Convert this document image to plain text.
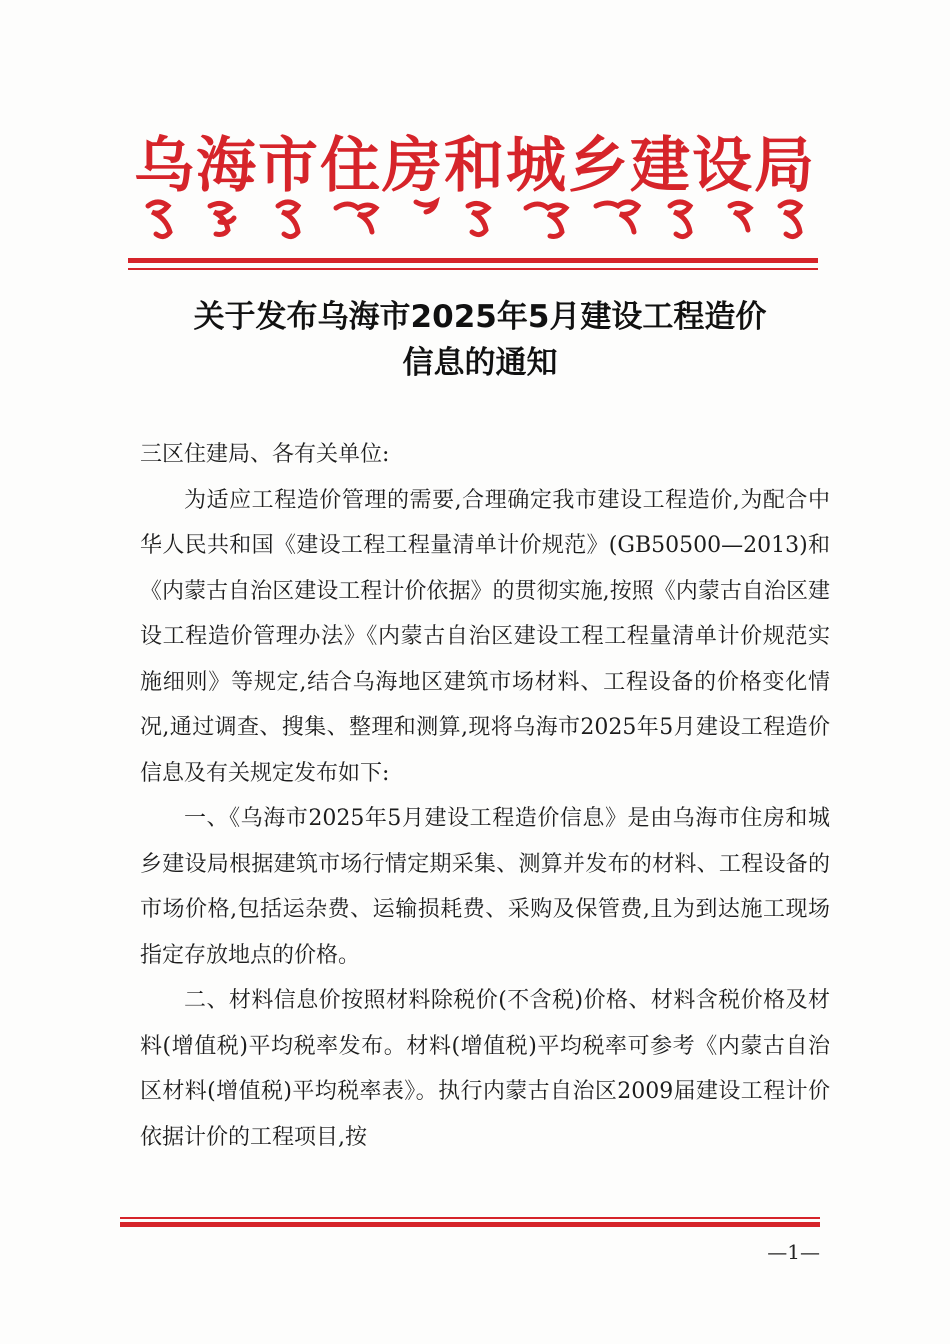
乌海市住房和城乡建设局
关于发布乌海市2025年5月建设工程造价
信息的通知

三区住建局、各有关单位:

为适应工程造价管理的需要,合理确定我市建设工程造价,为配合中华人民共和国《建设工程工程量清单计价规范》(GB50500—2013)和《内蒙古自治区建设工程计价依据》的贯彻实施,按照《内蒙古自治区建设工程造价管理办法》《内蒙古自治区建设工程工程量清单计价规范实施细则》等规定,结合乌海地区建筑市场材料、工程设备的价格变化情况,通过调查、搜集、整理和测算,现将乌海市2025年5月建设工程造价信息及有关规定发布如下:

一、《乌海市2025年5月建设工程造价信息》是由乌海市住房和城乡建设局根据建筑市场行情定期采集、测算并发布的材料、工程设备的市场价格,包括运杂费、运输损耗费、采购及保管费,且为到达施工现场指定存放地点的价格。

二、材料信息价按照材料除税价(不含税)价格、材料含税价格及材料(增值税)平均税率发布。材料(增值税)平均税率可参考《内蒙古自治区材料(增值税)平均税率表》。执行内蒙古自治区2009届建设工程计价依据计价的工程项目,按

—1—
